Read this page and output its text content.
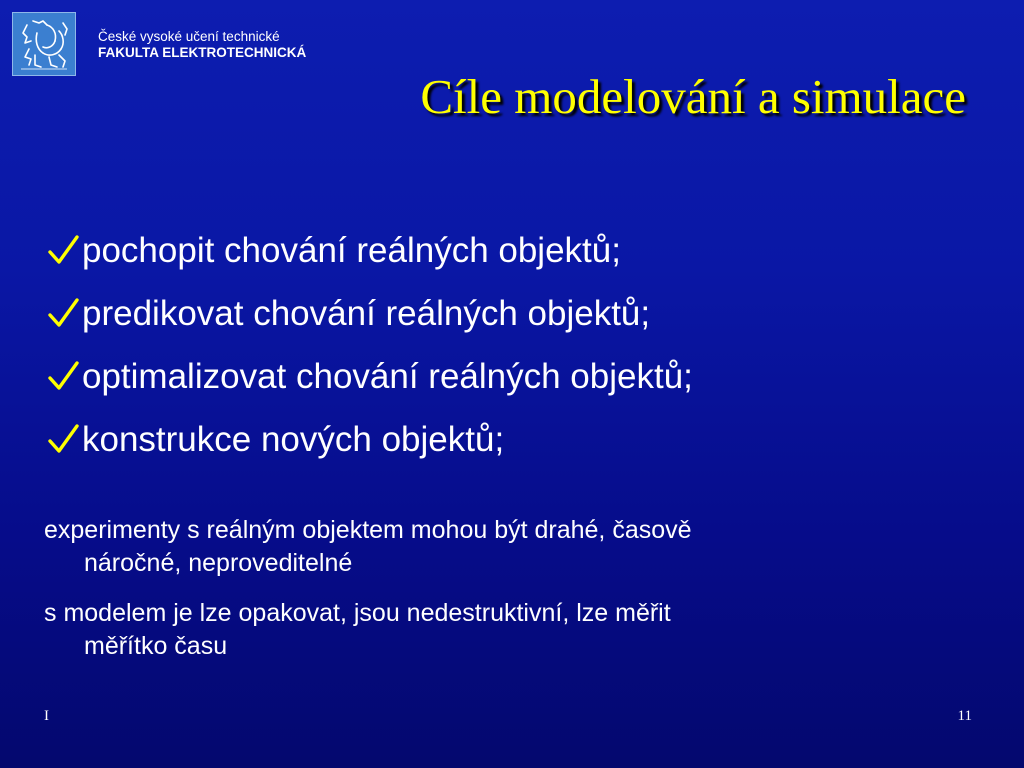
České vysoké učení technické
FAKULTA ELEKTROTECHNICKÁ
Cíle modelování a simulace
pochopit chování reálných objektů;
predikovat chování reálných objektů;
optimalizovat chování reálných objektů;
konstrukce nových objektů;
experimenty s reálným objektem mohou být drahé, časově
náročné, neproveditelné
s modelem je lze opakovat, jsou nedestruktivní, lze měřit
měřítko času
I	11
